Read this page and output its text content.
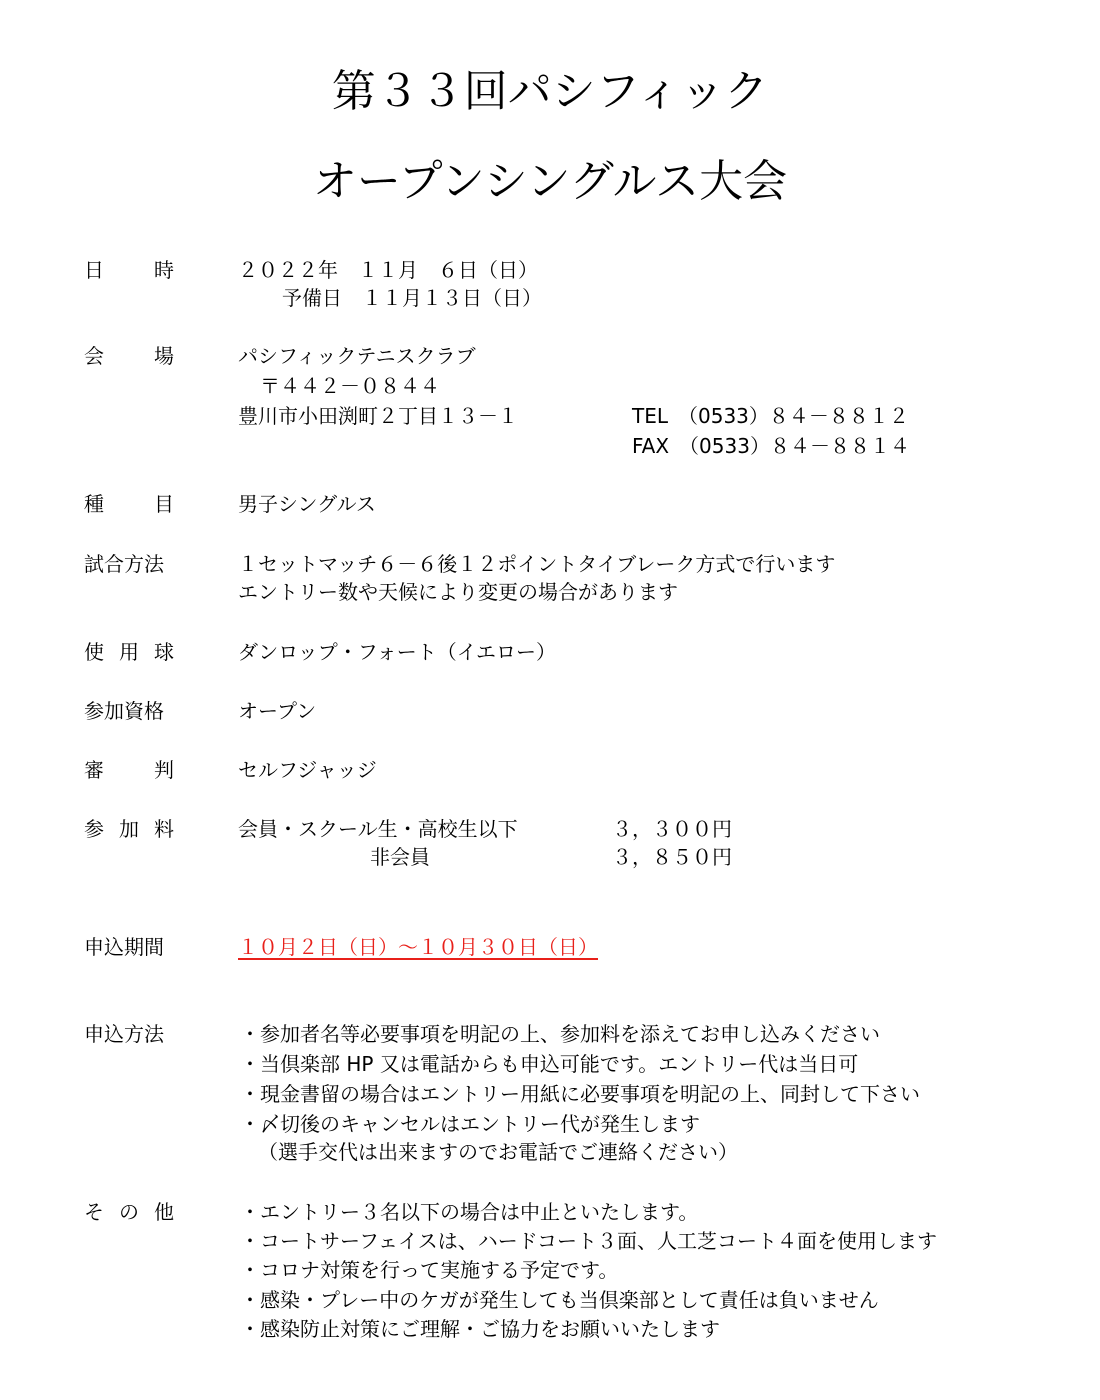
第３３回パシフィック
オープンシングルス大会
日	時	２０２２年　１１月　６日（日）
予備日　１１月１３日（日）
会	場	パシフィックテニスクラブ
〒４４２－０８４４
豊川市小田渕町２丁目１３－１	TEL　（0533）８４－８８１２
FAX　（0533）８４－８８１４
種	目	男子シングルス
試合方法	１セットマッチ６－６後１２ポイントタイブレーク方式で行います
エントリー数や天候により変更の場合があります
使 用 球	ダンロップ・フォート（イエロー）
参加資格	オープン
審	判	セルフジャッジ
参 加 料	会員・スクール生・高校生以下	３，３００円
非会員	３，８５０円
申込期間	１０月２日（日）～１０月３０日（日）
申込方法	・参加者名等必要事項を明記の上、参加料を添えてお申し込みください
・当倶楽部 HP 又は電話からも申込可能です。エントリー代は当日可
・現金書留の場合はエントリー用紙に必要事項を明記の上、同封して下さい
・〆切後のキャンセルはエントリー代が発生します
（選手交代は出来ますのでお電話でご連絡ください）
そ の 他	・エントリー３名以下の場合は中止といたします。
・コートサーフェイスは、ハードコート３面、人工芝コート４面を使用します
・コロナ対策を行って実施する予定です。
・感染・プレー中のケガが発生しても当倶楽部として責任は負いません
・感染防止対策にご理解・ご協力をお願いいたします
